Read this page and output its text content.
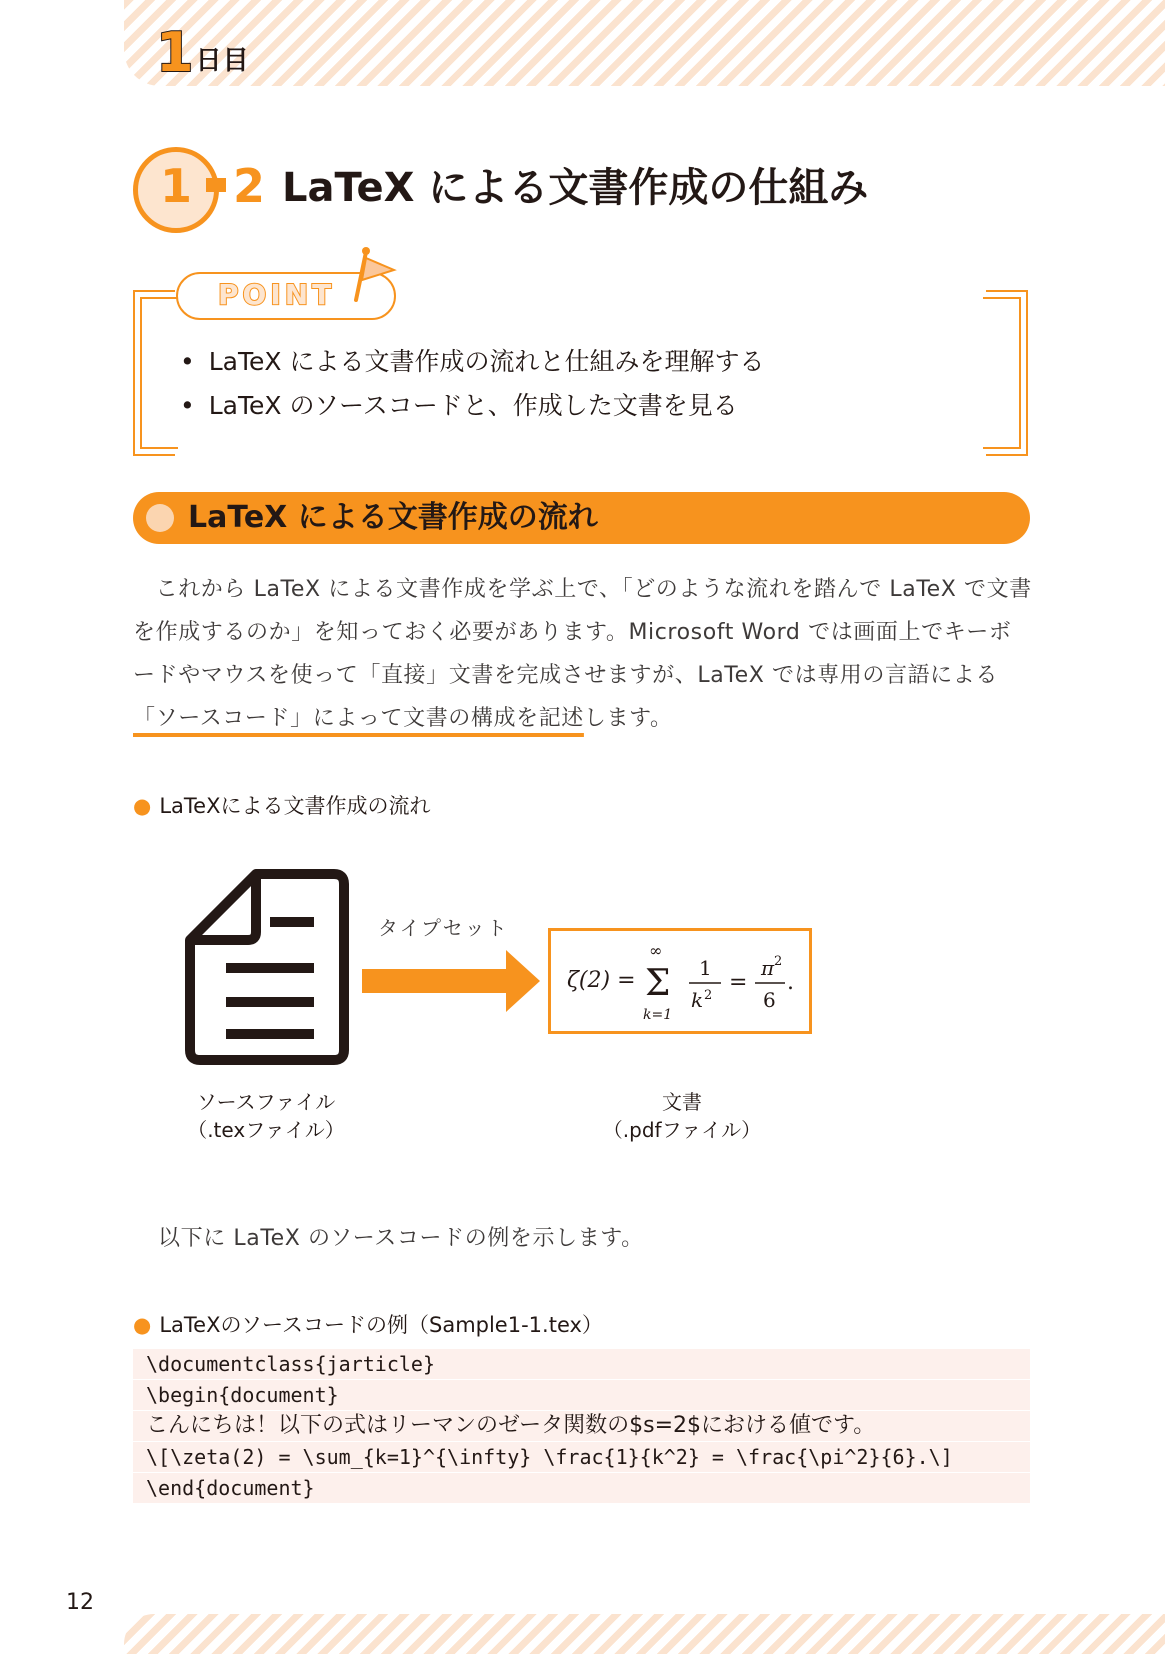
1 日目
1 2 LaTeX による文書作成の仕組み
POINT
• LaTeX による文書作成の流れと仕組みを理解する
• LaTeX のソースコードと、作成した文書を見る
LaTeX による文書作成の流れ

　これから LaTeX による文書作成を学ぶ上で、「どのような流れを踏んで LaTeX で文書を作成するのか」を知っておく必要があります。Microsoft Word では画面上でキーボードやマウスを使って「直接」文書を完成させますが、LaTeX では専用の言語による「ソースコード」によって文書の構成を記述します。

● LaTeXによる文書作成の流れ
タイプセット
ζ(2) =
∞
Σ
k=1
1
k 2
=
π 2
6
.
ソースファイル
（.texファイル）
文書
（.pdfファイル）
以下に LaTeX のソースコードの例を示します。
● LaTeXのソースコードの例（Sample1-1.tex）
\documentclass{jarticle}
\begin{document}
こんにちは！以下の式はリーマンのゼータ関数の$s=2$における値です。
\[\zeta(2) = \sum_{k=1}^{\infty} \frac{1}{k^2} = \frac{\pi^2}{6}.\]
\end{document}
12
